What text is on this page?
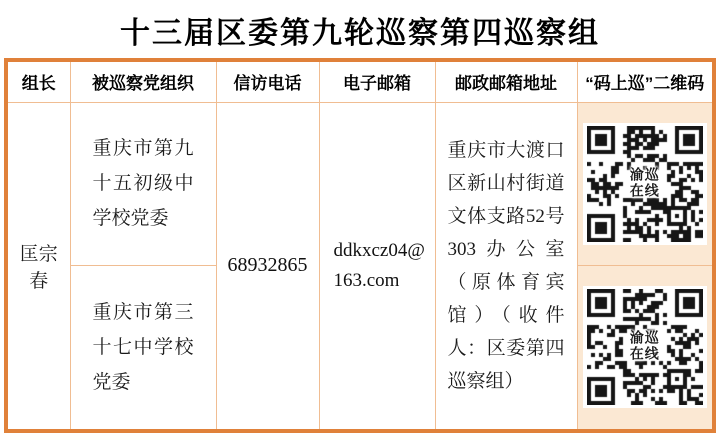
十三届区委第九轮巡察第四巡察组
组长	被巡察党组织	信访电话	电子邮箱	邮政邮箱地址	“码上巡”二维码
匡宗春	重庆市第九十五初级中学校党委	68932865	ddkxcz04@163.com	重庆市大渡口区新山村街道文体支路52号303办公室（原体育宾馆）（收件人：区委第四巡察组）	渝巡
在线

	重庆市第三十七中学校党委				渝巡
在线
